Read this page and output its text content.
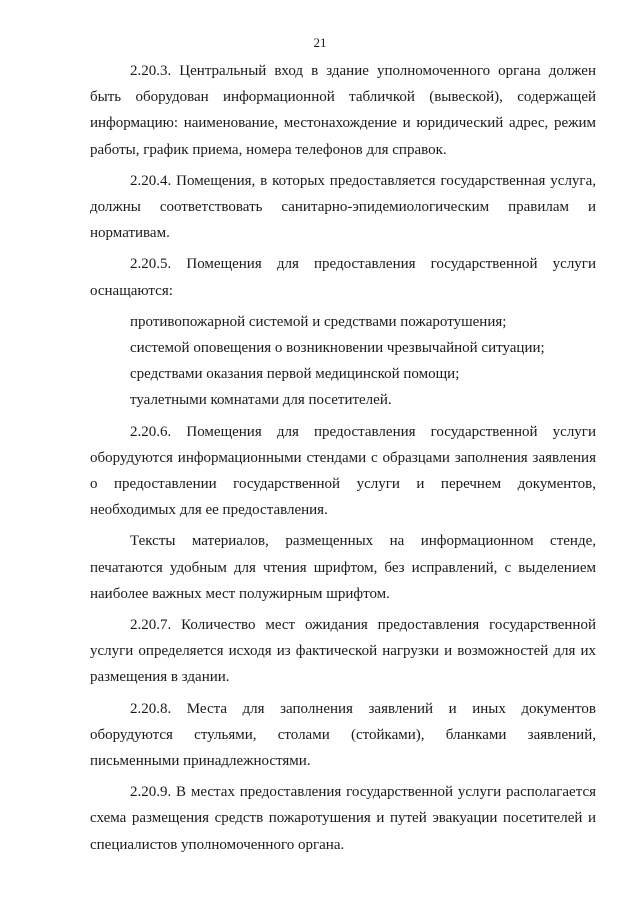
21

2.20.3. Центральный вход в здание уполномоченного органа должен быть оборудован информационной табличкой (вывеской), содержащей информацию: наименование, местонахождение и юридический адрес, режим работы, график приема, номера телефонов для справок.

2.20.4. Помещения, в которых предоставляется государственная услуга, должны соответствовать санитарно-эпидемиологическим правилам и нормативам.

2.20.5. Помещения для предоставления государственной услуги оснащаются:

противопожарной системой и средствами пожаротушения;

системой оповещения о возникновении чрезвычайной ситуации;

средствами оказания первой медицинской помощи;

туалетными комнатами для посетителей.

2.20.6. Помещения для предоставления государственной услуги оборудуются информационными стендами с образцами заполнения заявления о предоставлении государственной услуги и перечнем документов, необходимых для ее предоставления.

Тексты материалов, размещенных на информационном стенде, печатаются удобным для чтения шрифтом, без исправлений, с выделением наиболее важных мест полужирным шрифтом.

2.20.7. Количество мест ожидания предоставления государственной услуги определяется исходя из фактической нагрузки и возможностей для их размещения в здании.

2.20.8. Места для заполнения заявлений и иных документов оборудуются стульями, столами (стойками), бланками заявлений, письменными принадлежностями.

2.20.9. В местах предоставления государственной услуги располагается схема размещения средств пожаротушения и путей эвакуации посетителей и специалистов уполномоченного органа.
